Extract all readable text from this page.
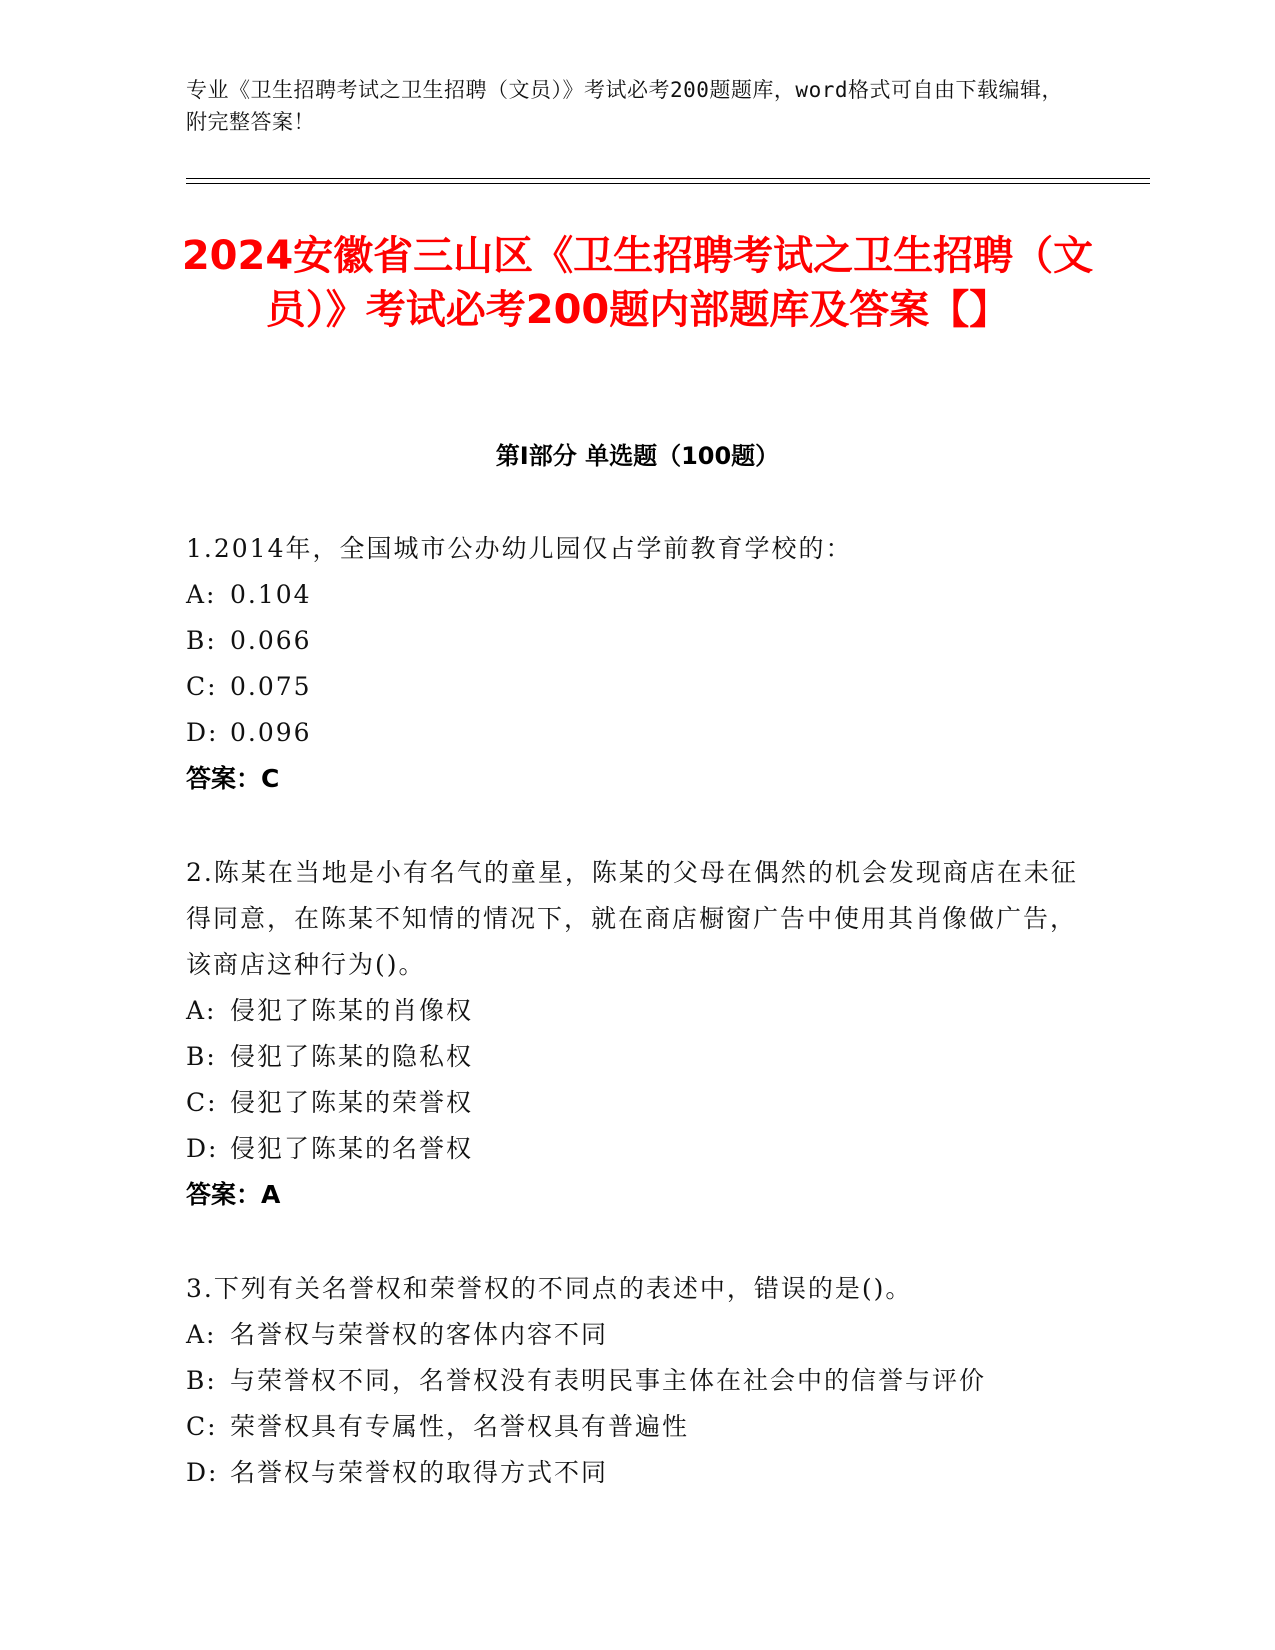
专业《卫生招聘考试之卫生招聘（文员）》考试必考200题题库，word格式可自由下载编辑，附完整答案！
2024安徽省三山区《卫生招聘考试之卫生招聘（文员）》考试必考200题内部题库及答案【】
第I部分 单选题（100题）

1.2014年，全国城市公办幼儿园仅占学前教育学校的：

A: 0.104

B: 0.066

C: 0.075

D: 0.096

答案：C

2.陈某在当地是小有名气的童星，陈某的父母在偶然的机会发现商店在未征得同意，在陈某不知情的情况下，就在商店橱窗广告中使用其肖像做广告，该商店这种行为()。

A: 侵犯了陈某的肖像权

B: 侵犯了陈某的隐私权

C: 侵犯了陈某的荣誉权

D: 侵犯了陈某的名誉权

答案：A

3.下列有关名誉权和荣誉权的不同点的表述中，错误的是()。

A: 名誉权与荣誉权的客体内容不同

B: 与荣誉权不同，名誉权没有表明民事主体在社会中的信誉与评价

C: 荣誉权具有专属性，名誉权具有普遍性

D: 名誉权与荣誉权的取得方式不同
